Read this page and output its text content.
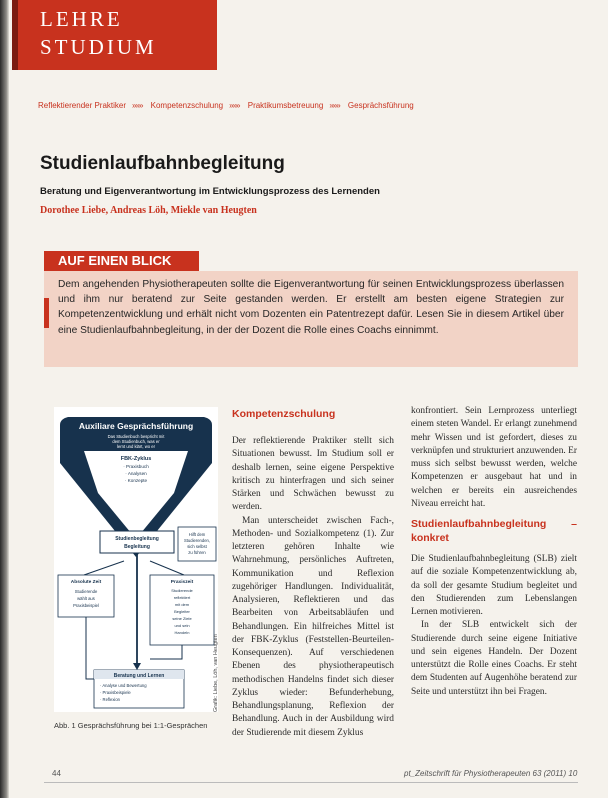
LEHRE
STUDIUM
Reflektierender Praktiker »»» Kompetenzschulung »»» Praktikumsbetreuung »»» Gesprächsführung
Studienlaufbahnbegleitung
Beratung und Eigenverantwortung im Entwicklungsprozess des Lernenden
Dorothee Liebe, Andreas Löh, Miekle van Heugten
AUF EINEN BLICK

Dem angehenden Physiotherapeuten sollte die Eigenverantwortung für seinen Entwicklungsprozess überlassen und ihm nur beratend zur Seite gestanden werden. Er erstellt am besten eigene Strategien zur Kompetenzentwicklung und erhält nicht vom Dozenten ein Patentrezept dafür. Lesen Sie in diesem Artikel über eine Studienlaufbahnbegleitung, in der der Dozent die Rolle eines Coachs einnimmt.

Auxiliare Gesprächsführung
Das Studienbuch bespricht mit
dem Studienbuch, was er
lernt und klärt, wo er
FBK-Zyklus
· Praxisbuch
· Analysen
· Konzepte
Studienbegleitung
Begleitung
Hilft dem
Studierenden,
sich selbst
zu führen
Absolute Zeit
Studierende
wählt aus
Praxisbeispiel
Praxiszeit
Studierende
reflektiert
mit dem
Begleiter
seine Ziele
und sein
Handeln
Beratung und Lernen
· Analyse und Bewertung
· Praxisbeispiele
· Reflexion	Grafik: Liebe, Löh, van Heugten
Abb. 1 Gesprächsführung bei 1:1-Gesprächen
Kompetenzschulung

Der reflektierende Praktiker stellt sich Situationen bewusst. Im Studium soll er deshalb lernen, seine eigene Perspektive kritisch zu hinterfragen und sich seiner Stärken und Schwächen bewusst zu werden.

Man unterscheidet zwischen Fach-, Methoden- und Sozialkompetenz (1). Zur letzteren gehören Inhalte wie Wahrnehmung, persönliches Auftreten, Kommunikation und Reflexion zugehöriger Handlungen. Individualität, Analysieren, Reflektieren und das Bearbeiten von Arbeitsabläufen und Behandlungen. Ein hilfreiches Mittel ist der FBK-Zyklus (Feststellen-Beurteilen-Konsequenzen). Auf verschiedenen Ebenen des physiotherapeutisch methodischen Handelns findet sich dieser Zyklus wieder: Befunderhebung, Behandlungsplanung, Reflexion der Behandlung. Auch in der Ausbildung wird der Studierende mit diesem Zyklus

konfrontiert. Sein Lernprozess unterliegt einem steten Wandel. Er erlangt zunehmend mehr Wissen und ist gefordert, dieses zu verknüpfen und strukturiert anzuwenden. Er muss sich selbst bewusst werden, welche Kompetenzen er ausgebaut hat und in welchen er bereits ein ausreichendes Niveau erreicht hat.

Studienlaufbahnbegleitung – konkret

Die Studienlaufbahnbegleitung (SLB) zielt auf die soziale Kompetenzentwicklung ab, da soll der gesamte Studium begleitet und den Studierenden zum Lebenslangen Lernen motivieren.

In der SLB entwickelt sich der Studierende durch seine eigene Initiative und sein eigenes Handeln. Der Dozent unterstützt die Rolle eines Coachs. Er steht dem Studenten auf Augenhöhe beratend zur Seite und unterstützt ihn bei Fragen.

44	pt_Zeitschrift für Physiotherapeuten 63 (2011) 10
